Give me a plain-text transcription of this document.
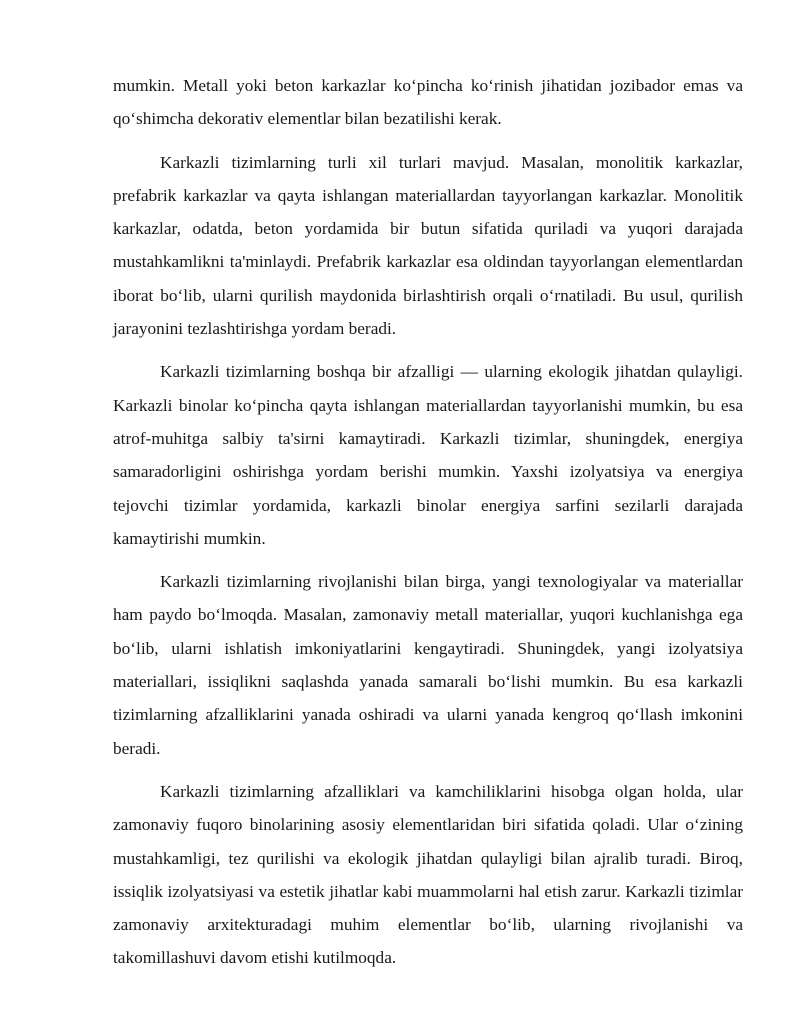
mumkin. Metall yoki beton karkazlar ko‘pincha ko‘rinish jihatidan jozibador emas va qo‘shimcha dekorativ elementlar bilan bezatilishi kerak.

Karkazli tizimlarning turli xil turlari mavjud. Masalan, monolitik karkazlar, prefabrik karkazlar va qayta ishlangan materiallardan tayyorlangan karkazlar. Monolitik karkazlar, odatda, beton yordamida bir butun sifatida quriladi va yuqori darajada mustahkamlikni ta'minlaydi. Prefabrik karkazlar esa oldindan tayyorlangan elementlardan iborat bo‘lib, ularni qurilish maydonida birlashtirish orqali o‘rnatiladi. Bu usul, qurilish jarayonini tezlashtirishga yordam beradi.

Karkazli tizimlarning boshqa bir afzalligi — ularning ekologik jihatdan qulayligi. Karkazli binolar ko‘pincha qayta ishlangan materiallardan tayyorlanishi mumkin, bu esa atrof-muhitga salbiy ta'sirni kamaytiradi. Karkazli tizimlar, shuningdek, energiya samaradorligini oshirishga yordam berishi mumkin. Yaxshi izolyatsiya va energiya tejovchi tizimlar yordamida, karkazli binolar energiya sarfini sezilarli darajada kamaytirishi mumkin.

Karkazli tizimlarning rivojlanishi bilan birga, yangi texnologiyalar va materiallar ham paydo bo‘lmoqda. Masalan, zamonaviy metall materiallar, yuqori kuchlanishga ega bo‘lib, ularni ishlatish imkoniyatlarini kengaytiradi. Shuningdek, yangi izolyatsiya materiallari, issiqlikni saqlashda yanada samarali bo‘lishi mumkin. Bu esa karkazli tizimlarning afzalliklarini yanada oshiradi va ularni yanada kengroq qo‘llash imkonini beradi.

Karkazli tizimlarning afzalliklari va kamchiliklarini hisobga olgan holda, ular zamonaviy fuqoro binolarining asosiy elementlaridan biri sifatida qoladi. Ular o‘zining mustahkamligi, tez qurilishi va ekologik jihatdan qulayligi bilan ajralib turadi. Biroq, issiqlik izolyatsiyasi va estetik jihatlar kabi muammolarni hal etish zarur. Karkazli tizimlar zamonaviy arxitekturadagi muhim elementlar bo‘lib, ularning rivojlanishi va takomillashuvi davom etishi kutilmoqda.
